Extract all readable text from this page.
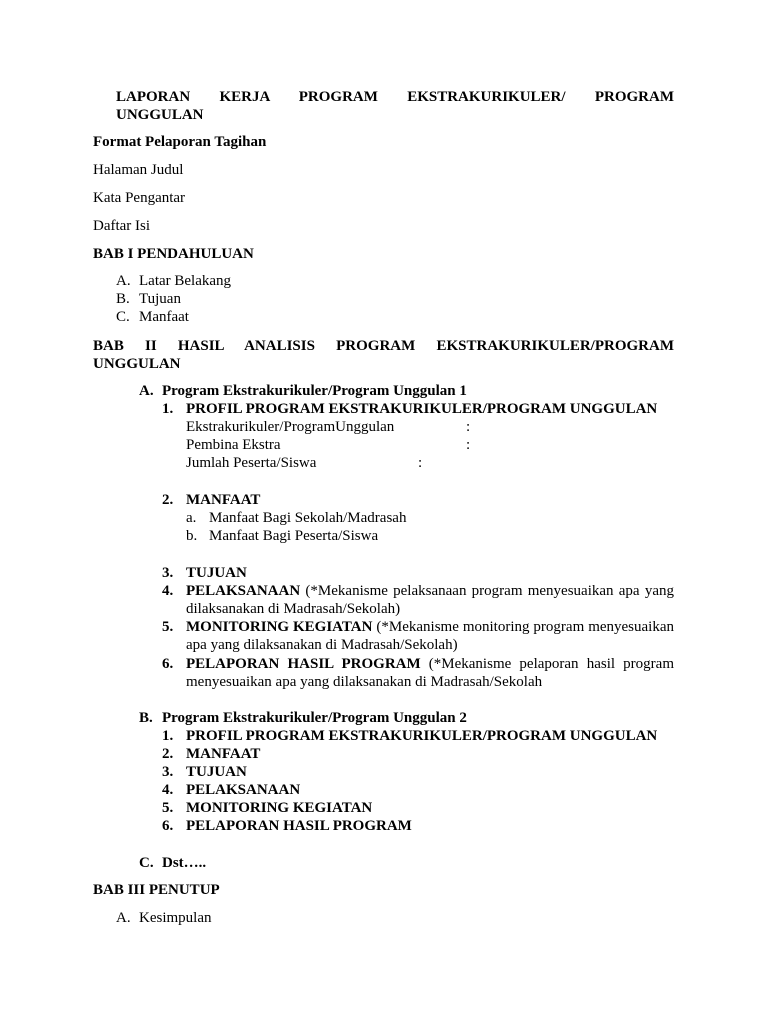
LAPORAN KERJA PROGRAM EKSTRAKURIKULER/ PROGRAM
UNGGULAN
Format Pelaporan Tagihan
Halaman Judul
Kata Pengantar
Daftar Isi
BAB I PENDAHULUAN
A. Latar Belakang
B. Tujuan
C. Manfaat
BAB II HASIL ANALISIS PROGRAM EKSTRAKURIKULER/PROGRAM
UNGGULAN
A. Program Ekstrakurikuler/Program Unggulan 1
1. PROFIL PROGRAM EKSTRAKURIKULER/PROGRAM UNGGULAN
Ekstrakurikuler/ProgramUnggulan	:
Pembina Ekstra	:
Jumlah Peserta/Siswa	:
2. MANFAAT
a. Manfaat Bagi Sekolah/Madrasah
b. Manfaat Bagi Peserta/Siswa
3. TUJUAN
4. PELAKSANAAN (*Mekanisme pelaksanaan program menyesuaikan apa yang dilaksanakan di Madrasah/Sekolah)
5. MONITORING KEGIATAN (*Mekanisme monitoring program menyesuaikan apa yang dilaksanakan di Madrasah/Sekolah)
6. PELAPORAN HASIL PROGRAM (*Mekanisme pelaporan hasil program menyesuaikan apa yang dilaksanakan di Madrasah/Sekolah
B. Program Ekstrakurikuler/Program Unggulan 2
1. PROFIL PROGRAM EKSTRAKURIKULER/PROGRAM UNGGULAN
2. MANFAAT
3. TUJUAN
4. PELAKSANAAN
5. MONITORING KEGIATAN
6. PELAPORAN HASIL PROGRAM
C. Dst…..
BAB III PENUTUP
A. Kesimpulan
